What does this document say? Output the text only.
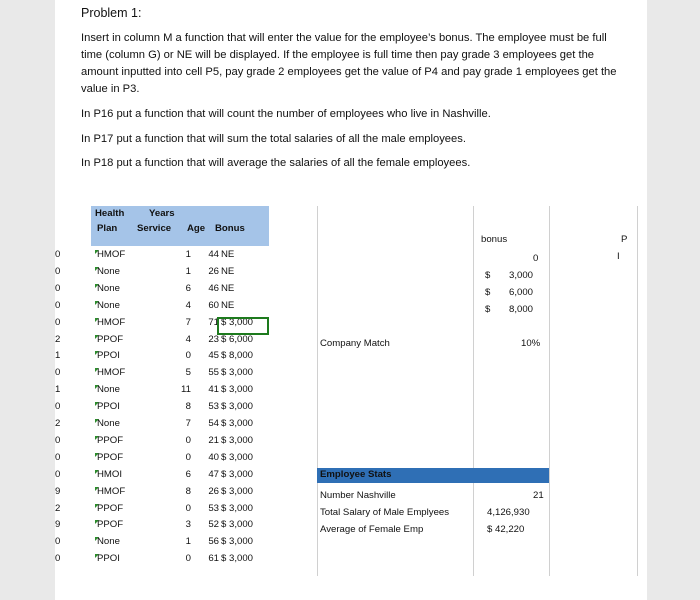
Problem 1:
Insert in column M a function that will enter the value for the employee’s bonus. The employee must be full time (column G) or NE will be displayed. If the employee is full time then pay grade 3 employees get the amount inputted into cell P5, pay grade 2 employees get the value of P4 and pay grade 1 employees get the value in P3.
In P16 put a function that will count the number of employees who live in Nashville.
In P17 put a function that will sum the total salaries of all the male employees.
In P18 put a function that will average the salaries of all the female employees.
Health
Plan
Years
Service Age Bonus
0	HMOF	1	44 NE
0	None	1	26 NE
0	None	6	46 NE
0	None	4	60 NE
0	HMOF	7	71 $ 3,000
2	PPOF	4	23 $ 6,000
1	PPOI	0	45 $ 8,000
0	HMOF	5	55 $ 3,000
1	None	11	41 $ 3,000
0	PPOI	8	53 $ 3,000
2	None	7	54 $ 3,000
0	PPOF	0	21 $ 3,000
0	PPOF	0	40 $ 3,000
0	HMOI	6	47 $ 3,000
9	HMOF	8	26 $ 3,000
2	PPOF	0	53 $ 3,000
9	PPOF	3	52 $ 3,000
0	None	1	56 $ 3,000
0	PPOI	0	61 $ 3,000
bonus	P
I
0
$ 3,000
$ 6,000
$ 8,000
Company Match	10%
Employee Stats
Number Nashville	21
Total Salary of Male Emplyees	4,126,930
Average of Female Emp	$ 42,220
